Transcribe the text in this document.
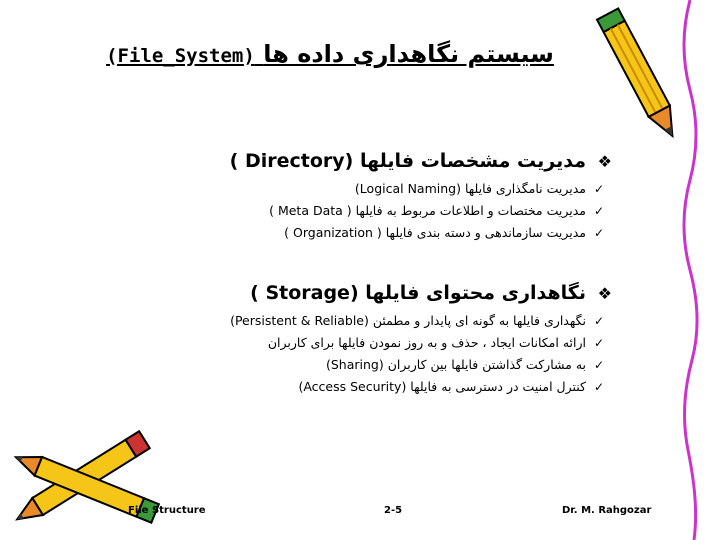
سیستم نگاهداری داده ها (File_System)
❖مدیریت مشخصات فایلها (Directory )
✓مدیریت نامگذاری فایلها (Logical Naming)
✓مدیریت مختصات و اطلاعات مربوط به فایلها ( Meta Data )
✓مدیریت سازماندهی و دسته بندی فایلها ( Organization )
❖نگاهداری محتوای فایلها (Storage )
✓نگهداری فایلها به گونه ای پایدار و مطمئن (Persistent & Reliable)
✓ارائه امکانات ایجاد ، حذف و به روز نمودن فایلها برای کاربران
✓به مشارکت گذاشتن فایلها بین کاربران (Sharing)
✓کنترل امنیت در دسترسی به فایلها (Access Security)
File Structure	2-5	Dr. M. Rahgozar
